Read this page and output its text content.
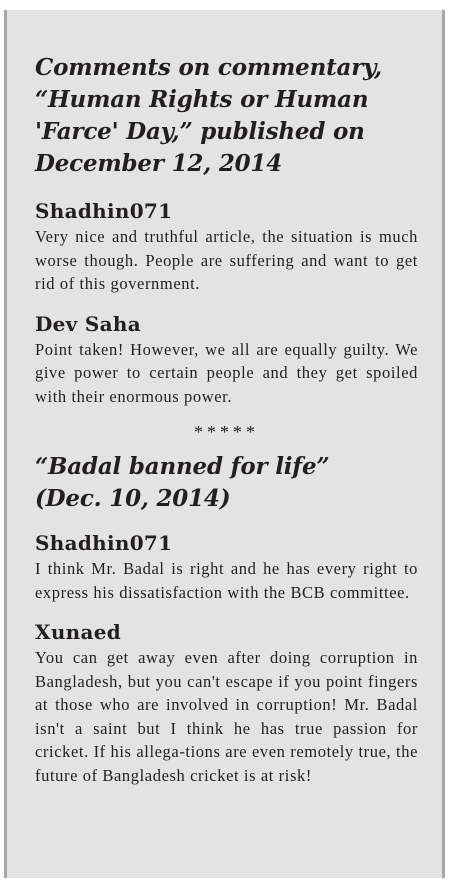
Comments on commentary, “Human Rights or Human 'Farce' Day,” published on December 12, 2014

Shadhin071

Very nice and truthful article, the situation is much worse though. People are suffering and want to get rid of this government.

Dev Saha

Point taken! However, we all are equally guilty. We give power to certain people and they get spoiled with their enormous power.

*****

“Badal banned for life”

(Dec. 10, 2014)

Shadhin071

I think Mr. Badal is right and he has every right to express his dissatisfaction with the BCB committee.

Xunaed

You can get away even after doing corruption in Bangladesh, but you can't escape if you point fingers at those who are involved in corruption! Mr. Badal isn't a saint but I think he has true passion for cricket. If his allega-tions are even remotely true, the future of Bangladesh cricket is at risk!
